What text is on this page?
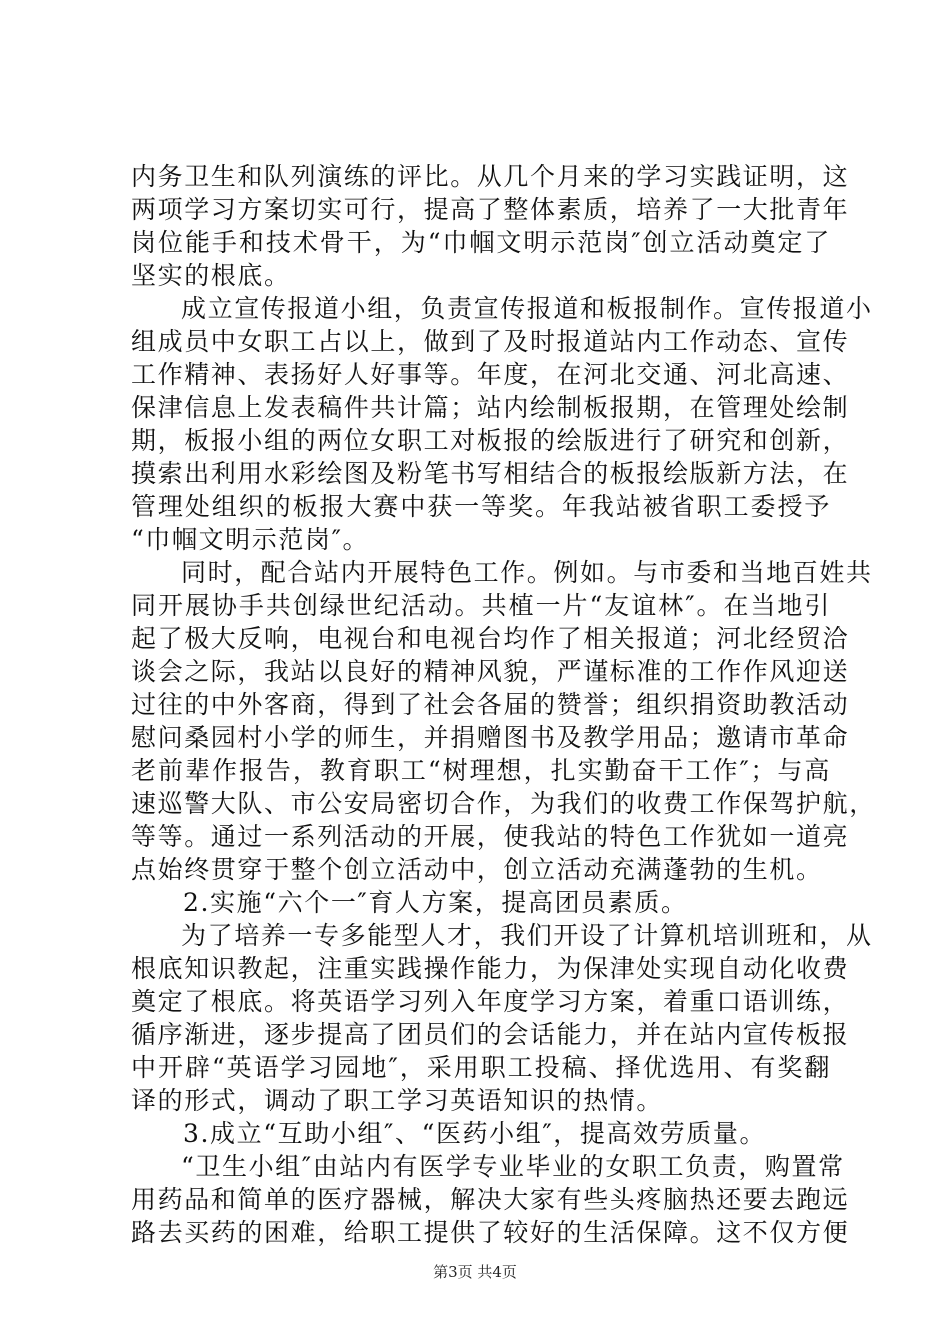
内务卫生和队列演练的评比。从几个月来的学习实践证明，这
两项学习方案切实可行，提高了整体素质，培养了一大批青年
岗位能手和技术骨干，为“巾帼文明示范岗″创立活动奠定了
坚实的根底。
成立宣传报道小组，负责宣传报道和板报制作。宣传报道小
组成员中女职工占以上，做到了及时报道站内工作动态、宣传
工作精神、表扬好人好事等。年度，在河北交通、河北高速、
保津信息上发表稿件共计篇；站内绘制板报期，在管理处绘制
期，板报小组的两位女职工对板报的绘版进行了研究和创新，
摸索出利用水彩绘图及粉笔书写相结合的板报绘版新方法，在
管理处组织的板报大赛中获一等奖。年我站被省职工委授予
“巾帼文明示范岗″。
同时，配合站内开展特色工作。例如。与市委和当地百姓共
同开展协手共创绿世纪活动。共植一片“友谊林″。在当地引
起了极大反响，电视台和电视台均作了相关报道；河北经贸洽
谈会之际，我站以良好的精神风貌，严谨标准的工作作风迎送
过往的中外客商，得到了社会各届的赞誉；组织捐资助教活动
慰问桑园村小学的师生，并捐赠图书及教学用品；邀请市革命
老前辈作报告，教育职工“树理想，扎实勤奋干工作″；与高
速巡警大队、市公安局密切合作，为我们的收费工作保驾护航，
等等。通过一系列活动的开展，使我站的特色工作犹如一道亮
点始终贯穿于整个创立活动中，创立活动充满蓬勃的生机。
2.实施“六个一″育人方案，提高团员素质。
为了培养一专多能型人才，我们开设了计算机培训班和，从
根底知识教起，注重实践操作能力，为保津处实现自动化收费
奠定了根底。将英语学习列入年度学习方案，着重口语训练，
循序渐进，逐步提高了团员们的会话能力，并在站内宣传板报
中开辟“英语学习园地″，采用职工投稿、择优选用、有奖翻
译的形式，调动了职工学习英语知识的热情。
3.成立“互助小组″、“医药小组″，提高效劳质量。
“卫生小组″由站内有医学专业毕业的女职工负责，购置常
用药品和简单的医疗器械，解决大家有些头疼脑热还要去跑远
路去买药的困难，给职工提供了较好的生活保障。这不仅方便
第3页 共4页
